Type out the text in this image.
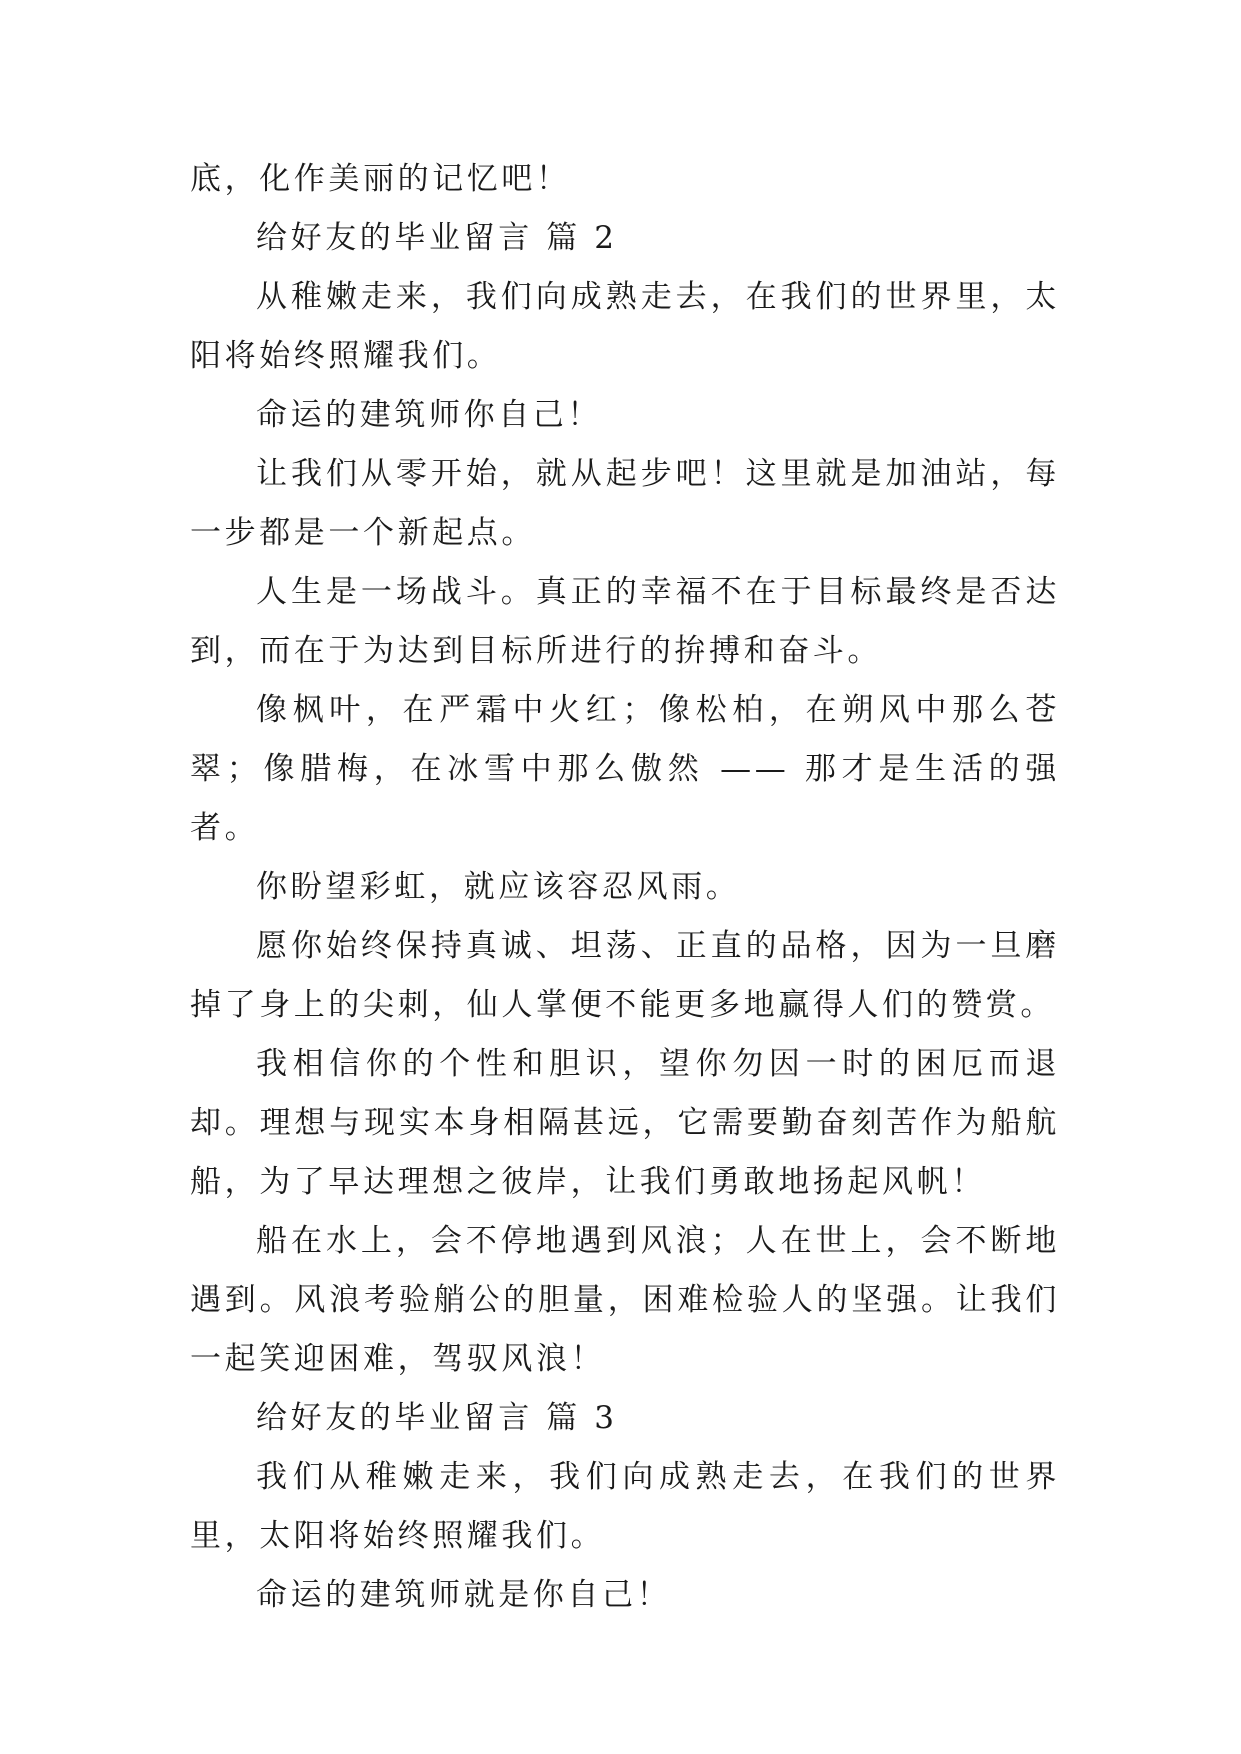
底，化作美丽的记忆吧！

给好友的毕业留言 篇 2

从稚嫩走来，我们向成熟走去，在我们的世界里，太阳将始终照耀我们。

命运的建筑师你自己！

让我们从零开始，就从起步吧！这里就是加油站，每一步都是一个新起点。

人生是一场战斗。真正的幸福不在于目标最终是否达到，而在于为达到目标所进行的拚搏和奋斗。

像枫叶，在严霜中火红；像松柏，在朔风中那么苍翠；像腊梅，在冰雪中那么傲然 —— 那才是生活的强者。

你盼望彩虹，就应该容忍风雨。

愿你始终保持真诚、坦荡、正直的品格，因为一旦磨掉了身上的尖刺，仙人掌便不能更多地赢得人们的赞赏。

我相信你的个性和胆识，望你勿因一时的困厄而退却。理想与现实本身相隔甚远，它需要勤奋刻苦作为船航船，为了早达理想之彼岸，让我们勇敢地扬起风帆！

船在水上，会不停地遇到风浪；人在世上，会不断地遇到。风浪考验艄公的胆量，困难检验人的坚强。让我们一起笑迎困难，驾驭风浪！

给好友的毕业留言 篇 3

我们从稚嫩走来，我们向成熟走去，在我们的世界里，太阳将始终照耀我们。

命运的建筑师就是你自己！
